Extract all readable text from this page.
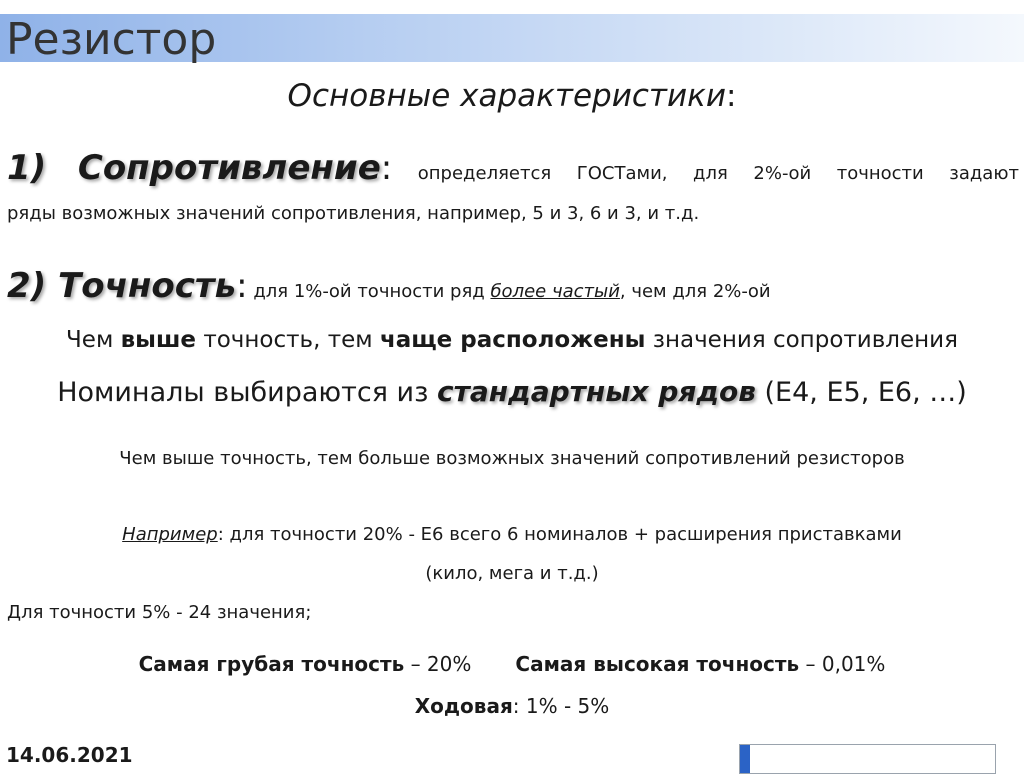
Резистор
Основные характеристики:
1) Сопротивление: определяется ГОСТами, для 2%-ой точности задают
ряды возможных значений сопротивления, например, 5 и 3, 6 и 3, и т.д.
2) Точность: для 1%-ой точности ряд более частый, чем для 2%-ой
Чем выше точность, тем чаще расположены значения сопротивления
Номиналы выбираются из стандартных рядов (Е4, Е5, Е6, …)
Чем выше точность, тем больше возможных значений сопротивлений резисторов
Например: для точности 20% - Е6 всего 6 номиналов + расширения приставками
(кило, мега и т.д.)
Для точности 5% - 24 значения;
Самая грубая точность – 20% Самая высокая точность – 0,01%
Ходовая: 1% - 5%
14.06.2021
